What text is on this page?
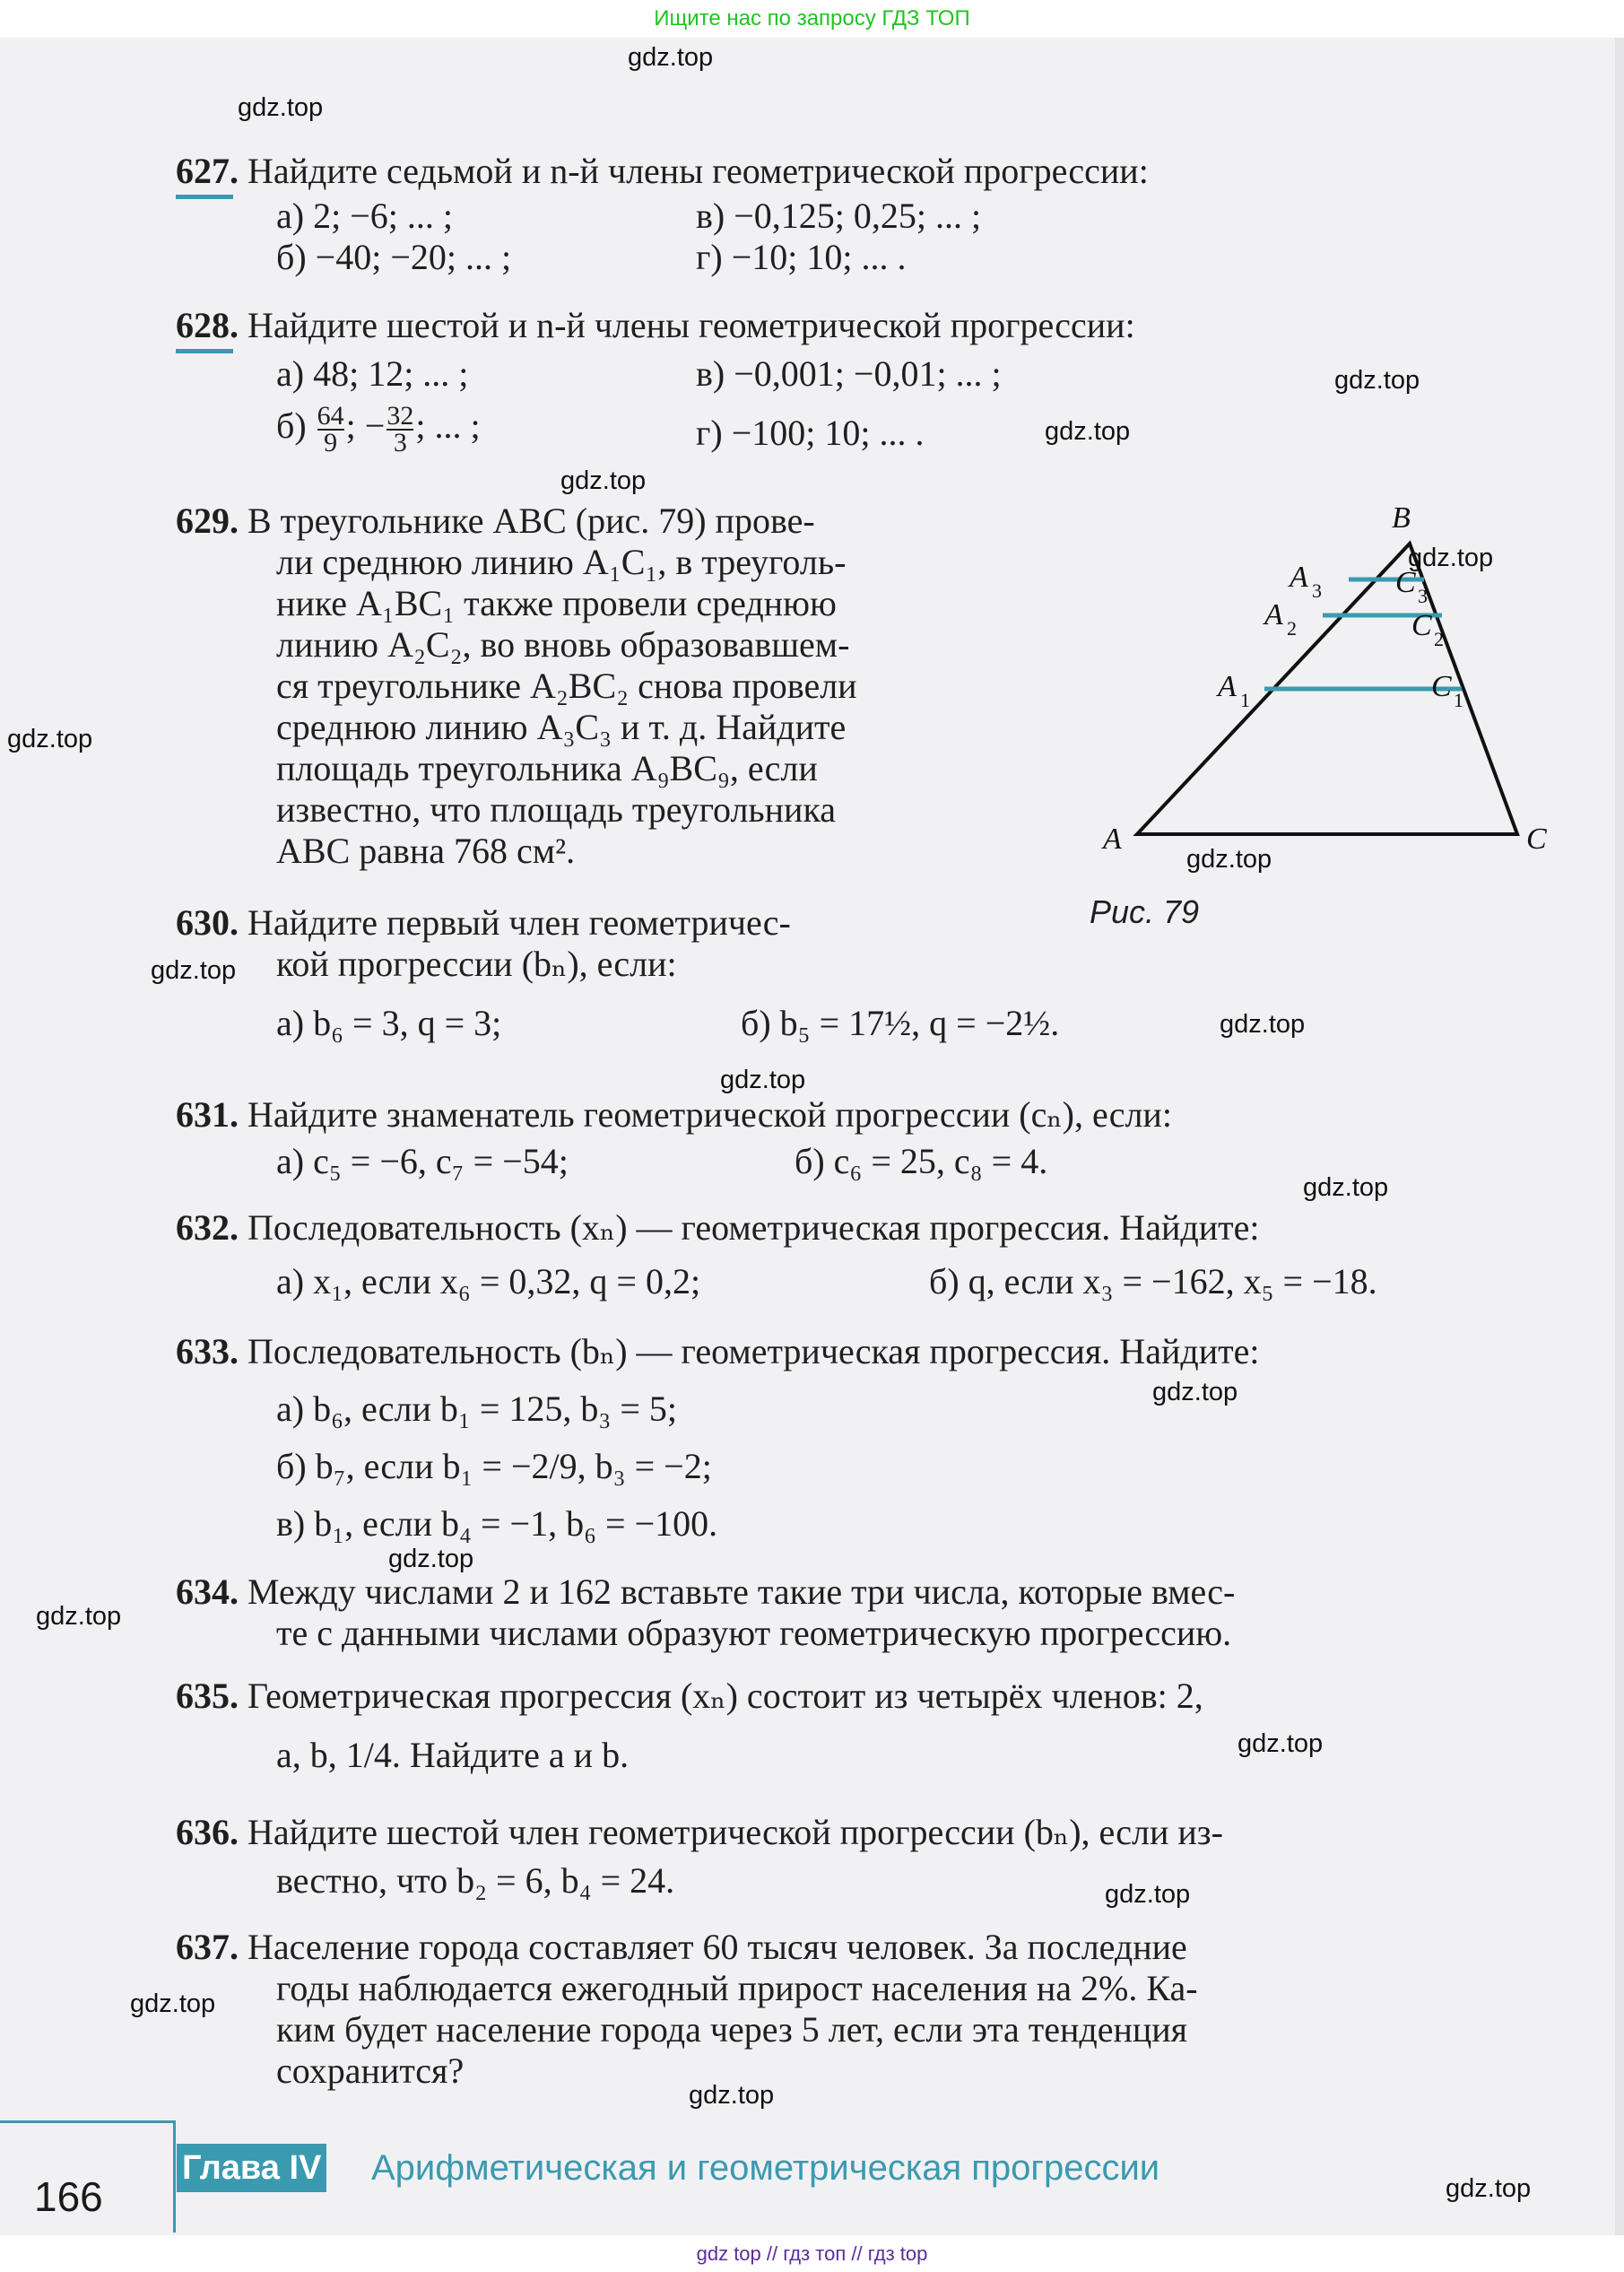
Ищите нас по запросу ГДЗ ТОП
gdz.top
gdz.top
gdz.top
gdz.top
gdz.top
gdz.top
gdz.top
gdz.top
gdz.top
gdz.top
gdz.top
gdz.top
gdz.top
gdz.top
gdz.top
gdz.top
gdz.top
gdz.top
gdz.top
gdz.top
627. Найдите седьмой и n-й члены геометрической прогрессии:
а) 2; −6; ... ;	в) −0,125; 0,25; ... ;
б) −40; −20; ... ;	г) −10; 10; ... .
628. Найдите шестой и n-й члены геометрической прогрессии:
а) 48; 12; ... ;	в) −0,001; −0,01; ... ;
$б) \frac{64}{9}$ ; − $\frac{32}{3}$ ; ... ;	г) −100; 10; ... .
629. В треугольнике ABC (рис. 79) прове-
ли среднюю линию A₁C₁, в треуголь-
нике A₁BC₁ также провели среднюю
линию A₂C₂, во вновь образовавшем-
ся треугольнике A₂BC₂ снова провели
среднюю линию A₃C₃ и т. д. Найдите
площадь треугольника A₉BC₉, если
известно, что площадь треугольника
ABC равна 768 см².	A
B
C
A 1
A 2
A 3
C 1
C 2
C 3
Рис. 79
630. Найдите первый член геометричес-
кой прогрессии (bₙ), если:
а) b₆ = 3, q = 3;	б) b₅ = 17½, q = −2½.
631. Найдите знаменатель геометрической прогрессии (cₙ), если:
а) c₅ = −6, c₇ = −54;	б) c₆ = 25, c₈ = 4.
632. Последовательность (xₙ) — геометрическая прогрессия. Найдите:
а) x₁, если x₆ = 0,32, q = 0,2;	б) q, если x₃ = −162, x₅ = −18.
633. Последовательность (bₙ) — геометрическая прогрессия. Найдите:
а) b₆, если b₁ = 125, b₃ = 5;
б) b₇, если b₁ = −2/9, b₃ = −2;
в) b₁, если b₄ = −1, b₆ = −100.
634. Между числами 2 и 162 вставьте такие три числа, которые вмес-
те с данными числами образуют геометрическую прогрессию.
635. Геометрическая прогрессия (xₙ) состоит из четырёх членов: 2,
a, b, 1/4. Найдите a и b.
636. Найдите шестой член геометрической прогрессии (bₙ), если из-
вестно, что b₂ = 6, b₄ = 24.
637. Население города составляет 60 тысяч человек. За последние
годы наблюдается ежегодный прирост населения на 2%. Ка-
ким будет население города через 5 лет, если эта тенденция
сохранится?
166
Глава IV Арифметическая и геометрическая прогрессии
gdz top // гдз топ // гдз top
